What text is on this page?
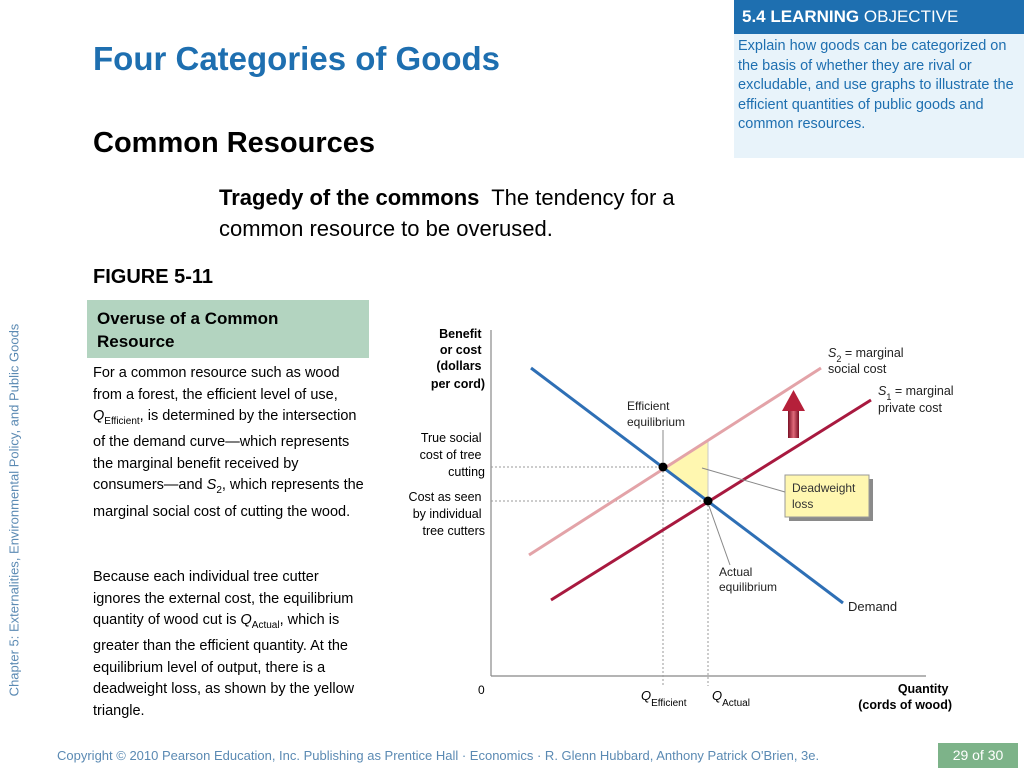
Chapter 5: Externalities, Environmental Policy, and Public Goods
5.4 LEARNING OBJECTIVE
Explain how goods can be categorized on the basis of whether they are rival or excludable, and use graphs to illustrate the efficient quantities of public goods and common resources.
Four Categories of Goods
Common Resources
Tragedy of the commons The tendency for a common resource to be overused.
FIGURE 5-11
Overuse of a Common Resource
For a common resource such as wood from a forest, the efficient level of use, $Q_{Efficient}$, is determined by the intersection of the demand curve—which represents the marginal benefit received by consumers—and $S_2$, which represents the marginal social cost of cutting the wood.
Because each individual tree cutter ignores the external cost, the equilibrium quantity of wood cut is $Q_{Actual}$, which is greater than the efficient quantity. At the equilibrium level of output, there is a deadweight loss, as shown by the yellow triangle.
Benefit or cost (dollars per cord)
True social cost of tree cutting
Cost as seen by individual tree cutters
Efficient equilibrium
Actual equilibrium
Deadweight loss
$S_2$ = marginal social cost
$S_1$ = marginal private cost
Demand
0	$Q_{Efficient}$ $Q_{Actual}$
Quantity (cords of wood)
Copyright © 2010 Pearson Education, Inc. Publishing as Prentice Hall · Economics · R. Glenn Hubbard, Anthony Patrick O'Brien, 3e.	29 of 30
